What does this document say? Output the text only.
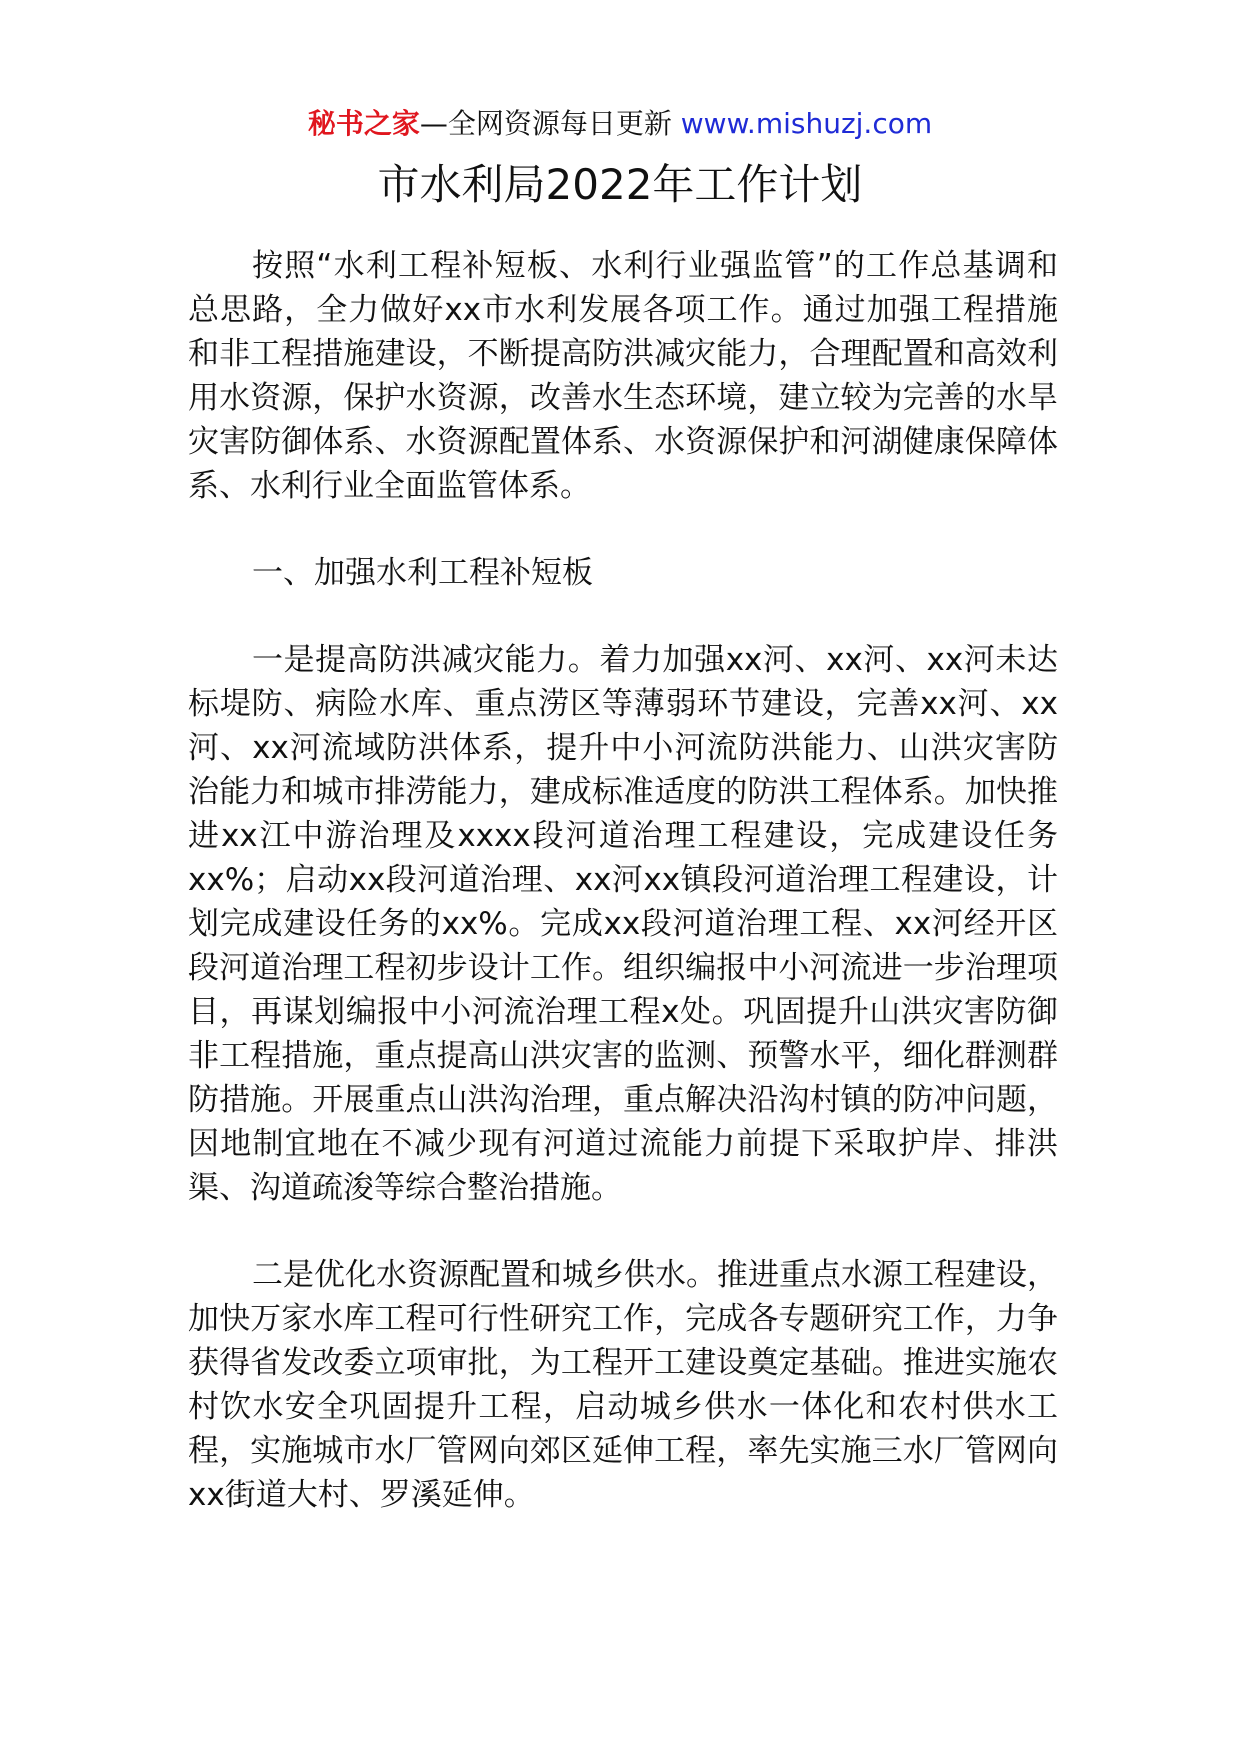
秘书之家—全网资源每日更新 www.mishuzj.com
市水利局2022年工作计划

按照“水利工程补短板、水利行业强监管”的工作总基调和总思路，全力做好xx市水利发展各项工作。通过加强工程措施和非工程措施建设，不断提高防洪减灾能力，合理配置和高效利用水资源，保护水资源，改善水生态环境，建立较为完善的水旱灾害防御体系、水资源配置体系、水资源保护和河湖健康保障体系、水利行业全面监管体系。

一、加强水利工程补短板

一是提高防洪减灾能力。着力加强xx河、xx河、xx河未达标堤防、病险水库、重点涝区等薄弱环节建设，完善xx河、xx河、xx河流域防洪体系，提升中小河流防洪能力、山洪灾害防治能力和城市排涝能力，建成标准适度的防洪工程体系。加快推进xx江中游治理及xxxx段河道治理工程建设，完成建设任务xx%；启动xx段河道治理、xx河xx镇段河道治理工程建设，计划完成建设任务的xx%。完成xx段河道治理工程、xx河经开区段河道治理工程初步设计工作。组织编报中小河流进一步治理项目，再谋划编报中小河流治理工程x处。巩固提升山洪灾害防御非工程措施，重点提高山洪灾害的监测、预警水平，细化群测群防措施。开展重点山洪沟治理，重点解决沿沟村镇的防冲问题，因地制宜地在不减少现有河道过流能力前提下采取护岸、排洪渠、沟道疏浚等综合整治措施。

二是优化水资源配置和城乡供水。推进重点水源工程建设，加快万家水库工程可行性研究工作，完成各专题研究工作，力争获得省发改委立项审批，为工程开工建设奠定基础。推进实施农村饮水安全巩固提升工程，启动城乡供水一体化和农村供水工程，实施城市水厂管网向郊区延伸工程，率先实施三水厂管网向xx街道大村、罗溪延伸。
